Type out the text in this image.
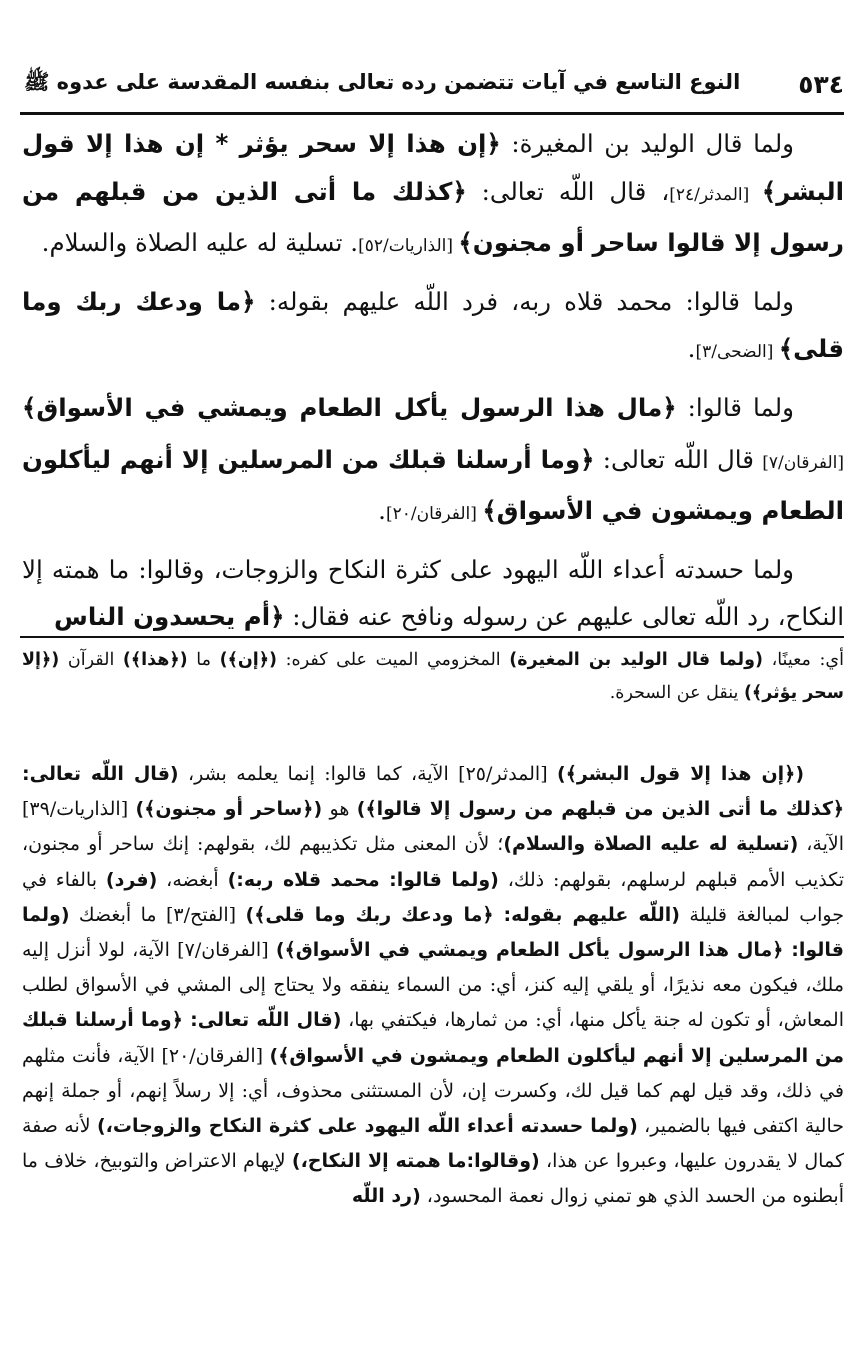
٥٣٤
النوع التاسع في آيات تتضمن رده تعالى بنفسه المقدسة على عدوه ﷺ

ولما قال الوليد بن المغيرة: ﴿إن هذا إلا سحر يؤثر * إن هذا إلا قول البشر﴾ [المدثر/٢٤]، قال اللّه تعالى: ﴿كذلك ما أتى الذين من قبلهم من رسول إلا قالوا ساحر أو مجنون﴾ [الذاريات/٥٢]. تسلية له عليه الصلاة والسلام.

ولما قالوا: محمد قلاه ربه، فرد اللّه عليهم بقوله: ﴿ما ودعك ربك وما قلى﴾ [الضحى/٣].

ولما قالوا: ﴿مال هذا الرسول يأكل الطعام ويمشي في الأسواق﴾ [الفرقان/٧] قال اللّه تعالى: ﴿وما أرسلنا قبلك من المرسلين إلا أنهم ليأكلون الطعام ويمشون في الأسواق﴾ [الفرقان/٢٠].

ولما حسدته أعداء اللّه اليهود على كثرة النكاح والزوجات، وقالوا: ما همته إلا النكاح، رد اللّه تعالى عليهم عن رسوله ونافح عنه فقال: ﴿أم يحسدون الناس

أي: معينًا، (ولما قال الوليد بن المغيرة) المخزومي الميت على كفره: (﴿إن﴾) ما (﴿هذا﴾) القرآن (﴿إلا سحر يؤثر﴾) ينقل عن السحرة.

(﴿إن هذا إلا قول البشر﴾) [المدثر/٢٥] الآية، كما قالوا: إنما يعلمه بشر، (قال اللّه تعالى: ﴿كذلك ما أتى الذين من قبلهم من رسول إلا قالوا﴾) هو (﴿ساحر أو مجنون﴾) [الذاريات/٣٩] الآية، (تسلية له عليه الصلاة والسلام)؛ لأن المعنى مثل تكذيبهم لك، بقولهم: إنك ساحر أو مجنون، تكذيب الأمم قبلهم لرسلهم، بقولهم: ذلك، (ولما قالوا: محمد قلاه ربه:) أبغضه، (فرد) بالفاء في جواب لمبالغة قليلة (اللّه عليهم بقوله: ﴿ما ودعك ربك وما قلى﴾) [الفتح/٣] ما أبغضك (ولما قالوا: ﴿مال هذا الرسول يأكل الطعام ويمشي في الأسواق﴾) [الفرقان/٧] الآية، لولا أنزل إليه ملك، فيكون معه نذيرًا، أو يلقي إليه كنز، أي: من السماء ينفقه ولا يحتاج إلى المشي في الأسواق لطلب المعاش، أو تكون له جنة يأكل منها، أي: من ثمارها، فيكتفي بها، (قال اللّه تعالى: ﴿وما أرسلنا قبلك من المرسلين إلا أنهم ليأكلون الطعام ويمشون في الأسواق﴾) [الفرقان/٢٠] الآية، فأنت مثلهم في ذلك، وقد قيل لهم كما قيل لك، وكسرت إن، لأن المستثنى محذوف، أي: إلا رسلاً إنهم، أو جملة إنهم حالية اكتفى فيها بالضمير، (ولما حسدته أعداء اللّه اليهود على كثرة النكاح والزوجات،) لأنه صفة كمال لا يقدرون عليها، وعبروا عن هذا، (وقالوا:ما همته إلا النكاح،) لإيهام الاعتراض والتوبيخ، خلاف ما أبطنوه من الحسد الذي هو تمني زوال نعمة المحسود، (رد اللّه
